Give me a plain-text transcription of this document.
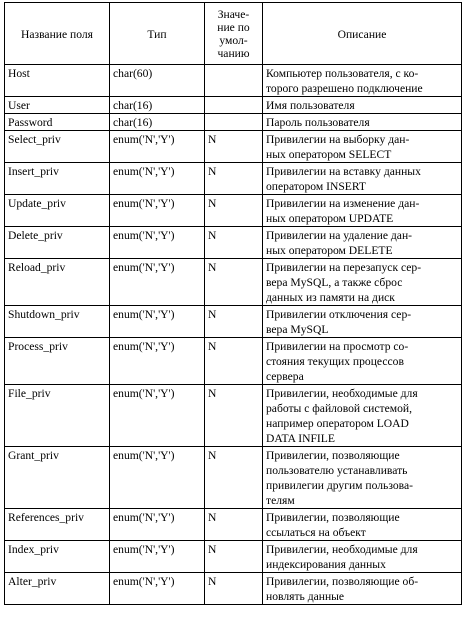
Название поля	Тип	Значе-
ние по
умол-
чанию	Описание
Host	char(60)		Компьютер пользователя, с ко-
торого разрешено подключение
User	char(16)		Имя пользователя
Password	char(16)		Пароль пользователя
Select_priv	enum('N','Y')	N	Привилегии на выборку дан-
ных оператором SELECT
Insert_priv	enum('N','Y')	N	Привилегии на вставку данных
оператором INSERT
Update_priv	enum('N','Y')	N	Привилегии на изменение дан-
ных оператором UPDATE
Delete_priv	enum('N','Y')	N	Привилегии на удаление дан-
ных оператором DELETE
Reload_priv	enum('N','Y')	N	Привилегии на перезапуск сер-
вера MySQL, а также сброс
данных из памяти на диск
Shutdown_priv	enum('N','Y')	N	Привилегии отключения сер-
вера MySQL
Process_priv	enum('N','Y')	N	Привилегии на просмотр со-
стояния текущих процессов
сервера
File_priv	enum('N','Y')	N	Привилегии, необходимые для
работы с файловой системой,
например оператором LOAD
DATA INFILE
Grant_priv	enum('N','Y')	N	Привилегии, позволяющие
пользователю устанавливать
привилегии другим пользова-
телям
References_priv	enum('N','Y')	N	Привилегии, позволяющие
ссылаться на объект
Index_priv	enum('N','Y')	N	Привилегии, необходимые для
индексирования данных
Alter_priv	enum('N','Y')	N	Привилегии, позволяющие об-
новлять данные
